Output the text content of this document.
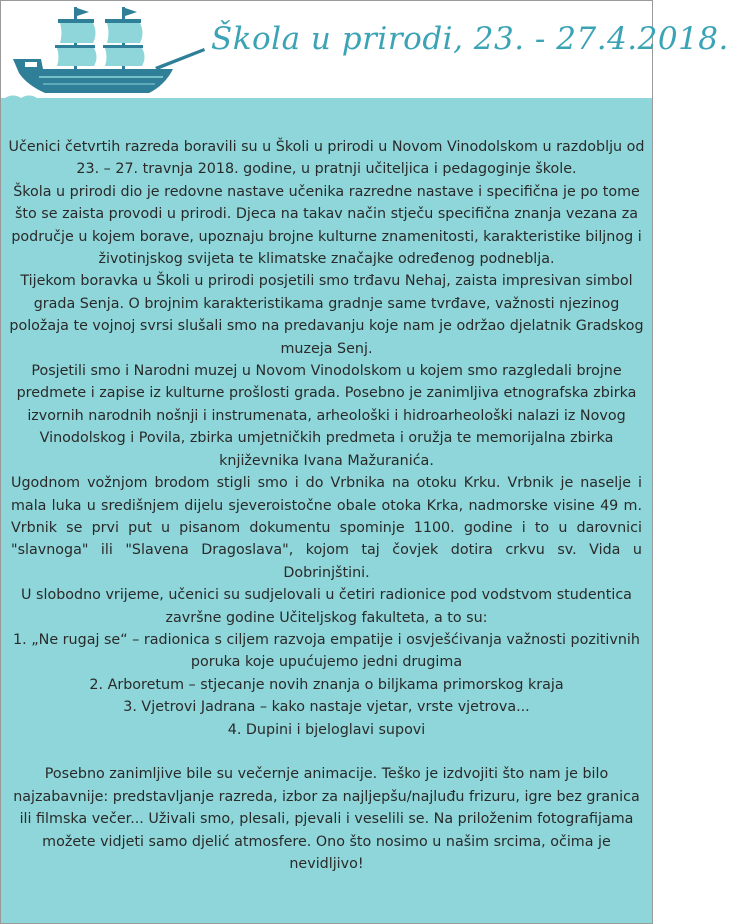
Škola u prirodi, 23. - 27.4.2018.

Učenici četvrtih razreda boravili su u Školi u prirodi u Novom Vinodolskom u razdoblju od 23. – 27. travnja 2018. godine, u pratnji učiteljica i pedagoginje škole.

Škola u prirodi dio je redovne nastave učenika razredne nastave i specifična je po tome što se zaista provodi u prirodi. Djeca na takav način stječu specifična znanja vezana za područje u kojem borave, upoznaju brojne kulturne znamenitosti, karakteristike biljnog i životinjskog svijeta te klimatske značajke određenog podneblja.

Tijekom boravka u Školi u prirodi posjetili smo trđavu Nehaj, zaista impresivan simbol grada Senja. O brojnim karakteristikama gradnje same tvrđave, važnosti njezinog položaja te vojnoj svrsi slušali smo na predavanju koje nam je održao djelatnik Gradskog muzeja Senj.

Posjetili smo i Narodni muzej u Novom Vinodolskom u kojem smo razgledali brojne predmete i zapise iz kulturne prošlosti grada. Posebno je zanimljiva etnografska zbirka izvornih narodnih nošnji i instrumenata, arheološki i hidroarheološki nalazi iz Novog Vinodolskog i Povila, zbirka umjetničkih predmeta i oružja te memorijalna zbirka književnika Ivana Mažuranića.

Ugodnom vožnjom brodom stigli smo i do Vrbnika na otoku Krku. Vrbnik je naselje i mala luka u središnjem dijelu sjeveroistočne obale otoka Krka, nadmorske visine 49 m. Vrbnik se prvi put u pisanom dokumentu spominje 1100. godine i to u darovnici "slavnoga" ili "Slavena Dragoslava", kojom taj čovjek dotira crkvu sv. Vida u Dobrinjštini.

U slobodno vrijeme, učenici su sudjelovali u četiri radionice pod vodstvom studentica završne godine Učiteljskog fakulteta, a to su:

1. „Ne rugaj se“ – radionica s ciljem razvoja empatije i osvješćivanja važnosti pozitivnih poruka koje upućujemo jedni drugima

2. Arboretum – stjecanje novih znanja o biljkama primorskog kraja

3. Vjetrovi Jadrana – kako nastaje vjetar, vrste vjetrova...

4. Dupini i bjeloglavi supovi

Posebno zanimljive bile su večernje animacije. Teško je izdvojiti što nam je bilo najzabavnije: predstavljanje razreda, izbor za najljepšu/najluđu frizuru, igre bez granica ili filmska večer... Uživali smo, plesali, pjevali i veselili se. Na priloženim fotografijama možete vidjeti samo djelić atmosfere. Ono što nosimo u našim srcima, očima je nevidljivo!
